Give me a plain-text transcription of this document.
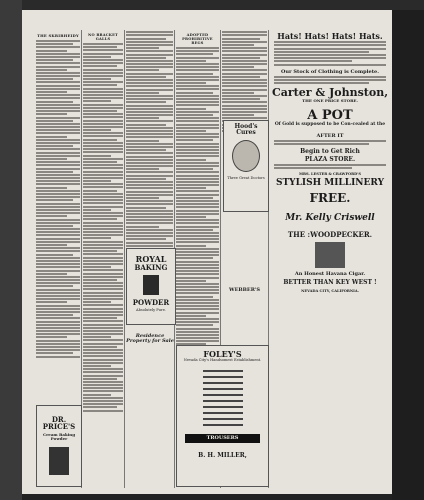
THE SKRIBHEIDY
DR. PRICE'S
Cream Baking Powder
NO BRACKET GALLS
ROYAL
BAKING
POWDER
Absolutely Pure.
Residence Property for Sale
ADOPTED PROHIBITIVE REGS
Hood's Cures
Three Great Doctors
WEBBER'S
FOLEY'S
Nevada City's Handsomest Establishment.
TROUSERS
B. H. MILLER,
Hats! Hats! Hats! Hats.
Our Stock of Clothing is Complete.
Carter & Johnston,
THE ONE PRICE STORE.
A POT
Of Gold is supposed to be Con-cealed at the
AFTER IT
Begin to Get Rich
PLAZA STORE.
MRS. LESTER & CRAWFORD'S
STYLISH MILLINERY
FREE.
Mr. Kelly Criswell
THE :WOODPECKER.
An Honest Havana Cigar.
BETTER THAN KEY WEST !
NEVADA CITY, CALIFORNIA.
